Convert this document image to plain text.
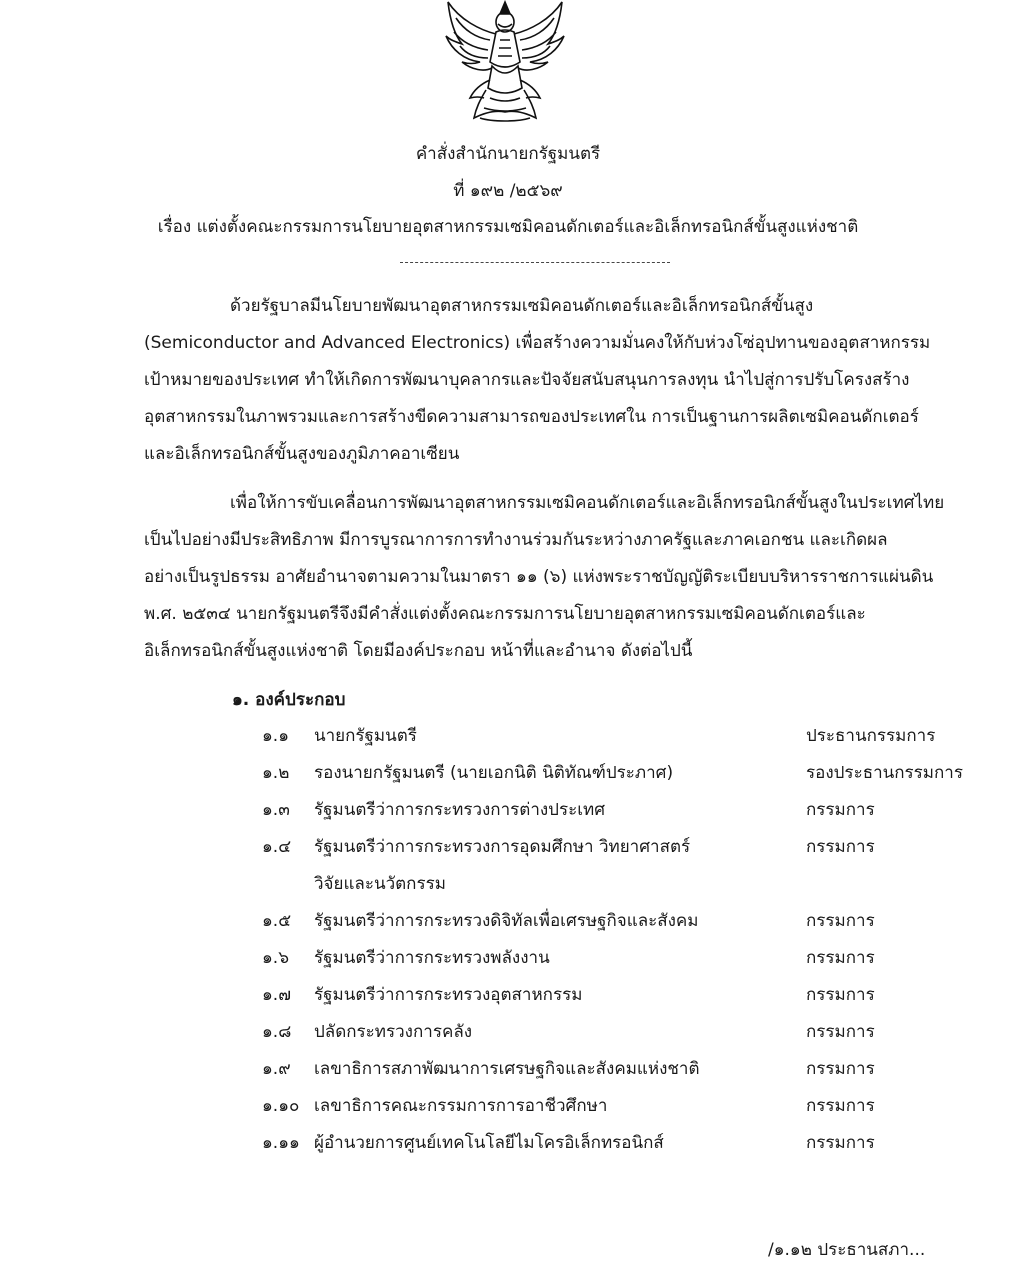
คำสั่งสำนักนายกรัฐมนตรี
ที่ ๑๙๒ /๒๕๖๙
เรื่อง แต่งตั้งคณะกรรมการนโยบายอุตสาหกรรมเซมิคอนดักเตอร์และอิเล็กทรอนิกส์ขั้นสูงแห่งชาติ
ด้วยรัฐบาลมีนโยบายพัฒนาอุตสาหกรรมเซมิคอนดักเตอร์และอิเล็กทรอนิกส์ขั้นสูง
(Semiconductor and Advanced Electronics) เพื่อสร้างความมั่นคงให้กับห่วงโซ่อุปทานของอุตสาหกรรม
เป้าหมายของประเทศ ทำให้เกิดการพัฒนาบุคลากรและปัจจัยสนับสนุนการลงทุน นำไปสู่การปรับโครงสร้าง
อุตสาหกรรมในภาพรวมและการสร้างขีดความสามารถของประเทศใน การเป็นฐานการผลิตเซมิคอนดักเตอร์
และอิเล็กทรอนิกส์ขั้นสูงของภูมิภาคอาเซียน
เพื่อให้การขับเคลื่อนการพัฒนาอุตสาหกรรมเซมิคอนดักเตอร์และอิเล็กทรอนิกส์ขั้นสูงในประเทศไทย
เป็นไปอย่างมีประสิทธิภาพ มีการบูรณาการการทำงานร่วมกันระหว่างภาครัฐและภาคเอกชน และเกิดผล
อย่างเป็นรูปธรรม อาศัยอำนาจตามความในมาตรา ๑๑ (๖) แห่งพระราชบัญญัติระเบียบบริหารราชการแผ่นดิน
พ.ศ. ๒๕๓๔ นายกรัฐมนตรีจึงมีคำสั่งแต่งตั้งคณะกรรมการนโยบายอุตสาหกรรมเซมิคอนดักเตอร์และ
อิเล็กทรอนิกส์ขั้นสูงแห่งชาติ โดยมีองค์ประกอบ หน้าที่และอำนาจ ดังต่อไปนี้
๑. องค์ประกอบ
๑.๑	นายกรัฐมนตรี	ประธานกรรมการ
๑.๒	รองนายกรัฐมนตรี (นายเอกนิติ นิติทัณฑ์ประภาศ)	รองประธานกรรมการ
๑.๓	รัฐมนตรีว่าการกระทรวงการต่างประเทศ	กรรมการ
๑.๔	รัฐมนตรีว่าการกระทรวงการอุดมศึกษา วิทยาศาสตร์	กรรมการ
วิจัยและนวัตกรรม
๑.๕	รัฐมนตรีว่าการกระทรวงดิจิทัลเพื่อเศรษฐกิจและสังคม	กรรมการ
๑.๖	รัฐมนตรีว่าการกระทรวงพลังงาน	กรรมการ
๑.๗	รัฐมนตรีว่าการกระทรวงอุตสาหกรรม	กรรมการ
๑.๘	ปลัดกระทรวงการคลัง	กรรมการ
๑.๙	เลขาธิการสภาพัฒนาการเศรษฐกิจและสังคมแห่งชาติ	กรรมการ
๑.๑๐ เลขาธิการคณะกรรมการการอาชีวศึกษา	กรรมการ
๑.๑๑ ผู้อำนวยการศูนย์เทคโนโลยีไมโครอิเล็กทรอนิกส์	กรรมการ
/๑.๑๒ ประธานสภา...
